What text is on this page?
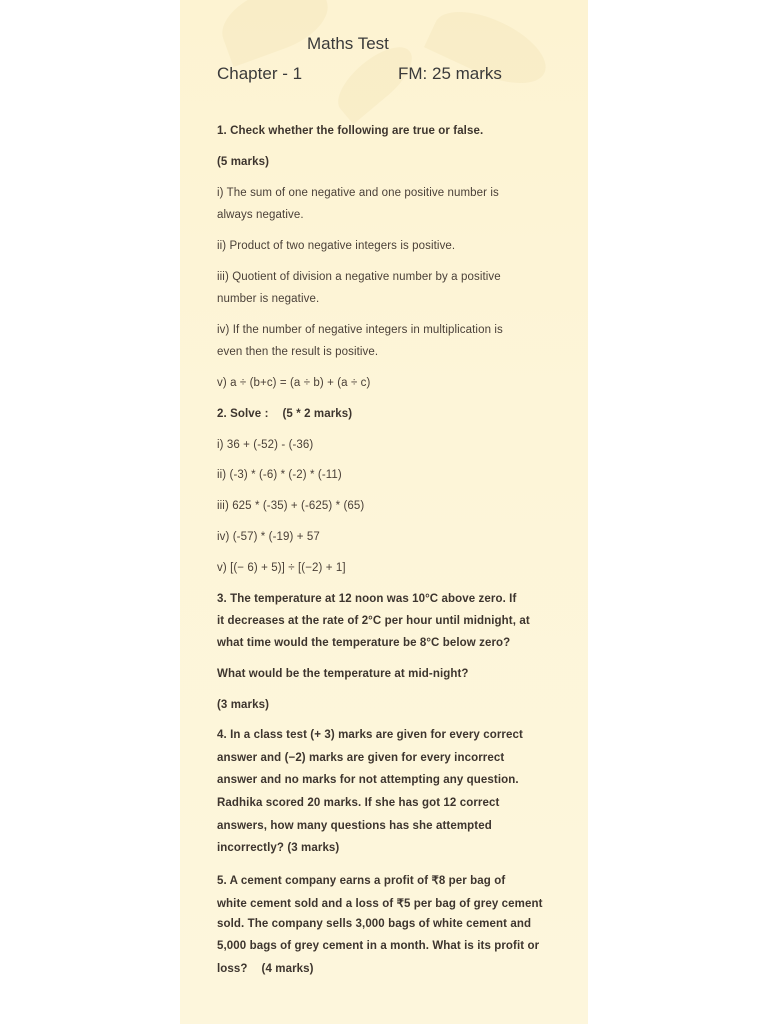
Maths Test
Chapter - 1	FM: 25 marks
1. Check whether the following are true or false.
(5 marks)
i) The sum of one negative and one positive number is
always negative.
ii) Product of two negative integers is positive.
iii) Quotient of division a negative number by a positive
number is negative.
iv) If the number of negative integers in multiplication is
even then the result is positive.
v) a ÷ (b+c) = (a ÷ b) + (a ÷ c)
2. Solve : (5 * 2 marks)
i) 36 + (-52) - (-36)
ii) (-3) * (-6) * (-2) * (-11)
iii) 625 * (-35) + (-625) * (65)
iv) (-57) * (-19) + 57
v) [(− 6) + 5)] ÷ [(−2) + 1]
3. The temperature at 12 noon was 10°C above zero. If
it decreases at the rate of 2°C per hour until midnight, at
what time would the temperature be 8°C below zero?
What would be the temperature at mid-night?
(3 marks)
4. In a class test (+ 3) marks are given for every correct
answer and (−2) marks are given for every incorrect
answer and no marks for not attempting any question.
Radhika scored 20 marks. If she has got 12 correct
answers, how many questions has she attempted
incorrectly? (3 marks)
5. A cement company earns a profit of ₹8 per bag of
white cement sold and a loss of ₹5 per bag of grey cement
sold. The company sells 3,000 bags of white cement and
5,000 bags of grey cement in a month. What is its profit or
loss? (4 marks)
